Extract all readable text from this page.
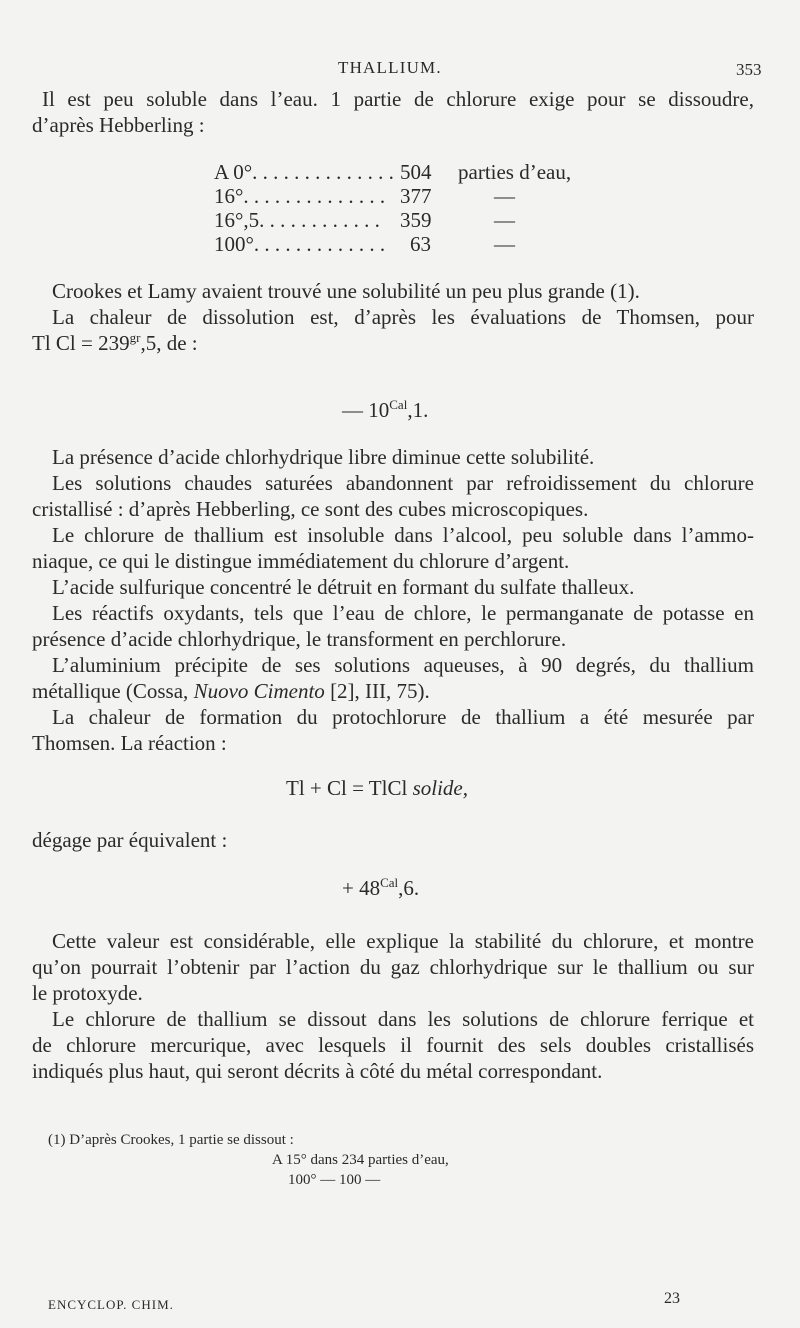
THALLIUM.	353
Il est peu soluble dans l’eau. 1 partie de chlorure exige pour se dissoudre,
d’après Hebberling :
A 0°. . . . . . . . . . . . . . 504 parties d’eau,
16°. . . . . . . . . . . . . . 377	—
16°,5. . . . . . . . . . . . 359	—
100°. . . . . . . . . . . . . 63	—
Crookes et Lamy avaient trouvé une solubilité un peu plus grande (1).
La chaleur de dissolution est, d’après les évaluations de Thomsen, pour
Tl $Cl = 239^{gr},5$, de :
— $10^{Cal},1$.
La présence d’acide chlorhydrique libre diminue cette solubilité.
Les solutions chaudes saturées abandonnent par refroidissement du chlorure
cristallisé : d’après Hebberling, ce sont des cubes microscopiques.
Le chlorure de thallium est insoluble dans l’alcool, peu soluble dans l’ammo-
niaque, ce qui le distingue immédiatement du chlorure d’argent.
L’acide sulfurique concentré le détruit en formant du sulfate thalleux.
Les réactifs oxydants, tels que l’eau de chlore, le permanganate de potasse en
présence d’acide chlorhydrique, le transforment en perchlorure.
L’aluminium précipite de ses solutions aqueuses, à 90 degrés, du thallium
métallique (Cossa, Nuovo Cimento [2], III, 75).
La chaleur de formation du protochlorure de thallium a été mesurée par
Thomsen. La réaction :
Tl + Cl = TlCl solide,
dégage par équivalent :
+ $48^{Cal},6$.
Cette valeur est considérable, elle explique la stabilité du chlorure, et montre
qu’on pourrait l’obtenir par l’action du gaz chlorhydrique sur le thallium ou sur
le protoxyde.
Le chlorure de thallium se dissout dans les solutions de chlorure ferrique et
de chlorure mercurique, avec lesquels il fournit des sels doubles cristallisés
indiqués plus haut, qui seront décrits à côté du métal correspondant.
(1) D’après Crookes, 1 partie se dissout :
A 15° dans 234 parties d’eau,
100° — 100 —
ENCYCLOP. CHIM.	23
